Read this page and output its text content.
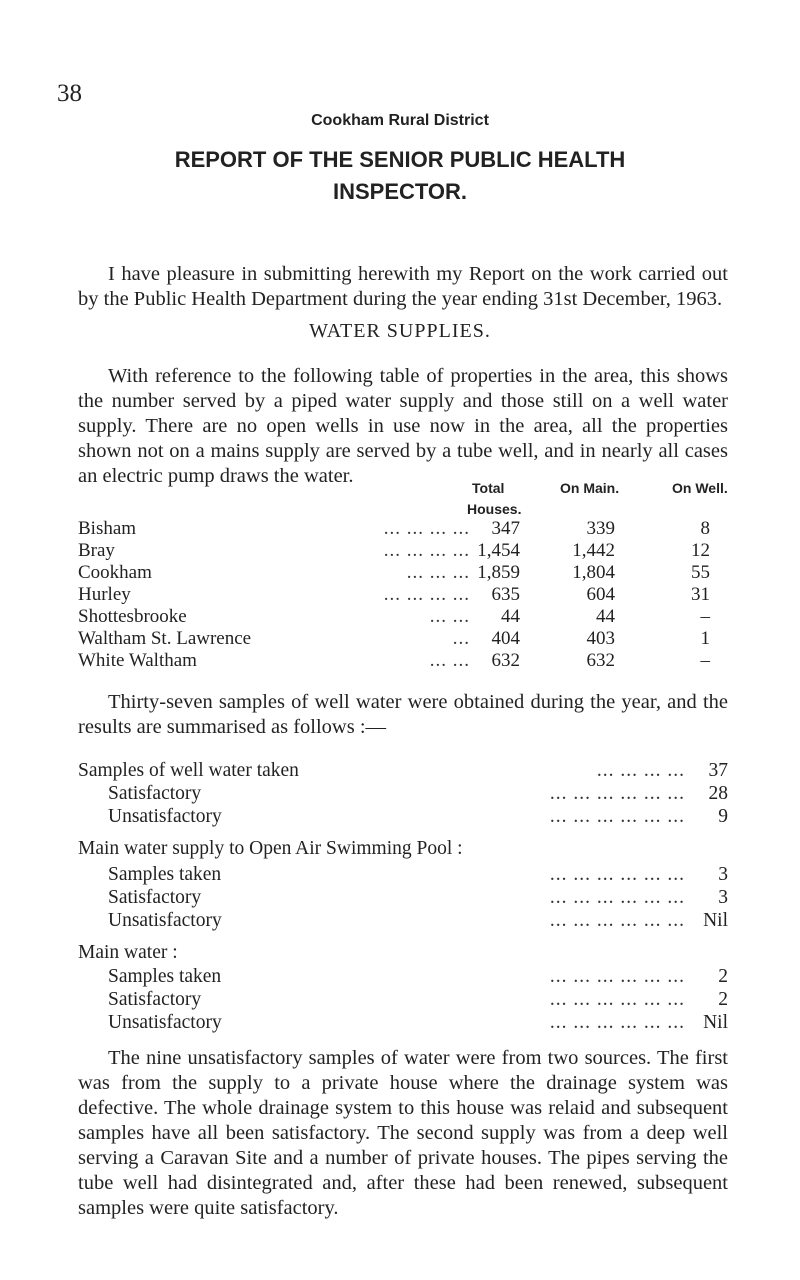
38
Cookham Rural District
REPORT OF THE SENIOR PUBLIC HEALTH INSPECTOR.

I have pleasure in submitting herewith my Report on the work carried out by the Public Health Department during the year ending 31st December, 1963.

WATER SUPPLIES.

With reference to the following table of properties in the area, this shows the number served by a piped water supply and those still on a well water supply. There are no open wells in use now in the area, all the properties shown not on a mains supply are served by a tube well, and in nearly all cases an electric pump draws the water.

Total
Houses.
On Main.	On Well.
Bisham	... ... ... ...	347	339	8
Bray	... ... ... ... 1,454	1,442	12
Cookham	... ... ... 1,859	1,804	55
Hurley	... ... ... ...	635	604	31
Shottesbrooke	... ...	44	44	–
Waltham St. Lawrence	...	404	403	1
White Waltham	... ...	632	632	–

Thirty-seven samples of well water were obtained during the year, and the results are summarised as follows :—

Samples of well water taken	... ... ... ...	37
Satisfactory	... ... ... ... ... ...	28
Unsatisfactory	... ... ... ... ... ...	9
Main water supply to Open Air Swimming Pool :
Samples taken	... ... ... ... ... ...	3
Satisfactory	... ... ... ... ... ...	3
Unsatisfactory	... ... ... ... ... ... Nil
Main water :
Samples taken	... ... ... ... ... ...	2
Satisfactory	... ... ... ... ... ...	2
Unsatisfactory	... ... ... ... ... ... Nil

The nine unsatisfactory samples of water were from two sources. The first was from the supply to a private house where the drainage system was defective. The whole drainage system to this house was relaid and subsequent samples have all been satisfactory. The second supply was from a deep well serving a Caravan Site and a number of private houses. The pipes serving the tube well had disintegrated and, after these had been renewed, subsequent samples were quite satisfactory.
